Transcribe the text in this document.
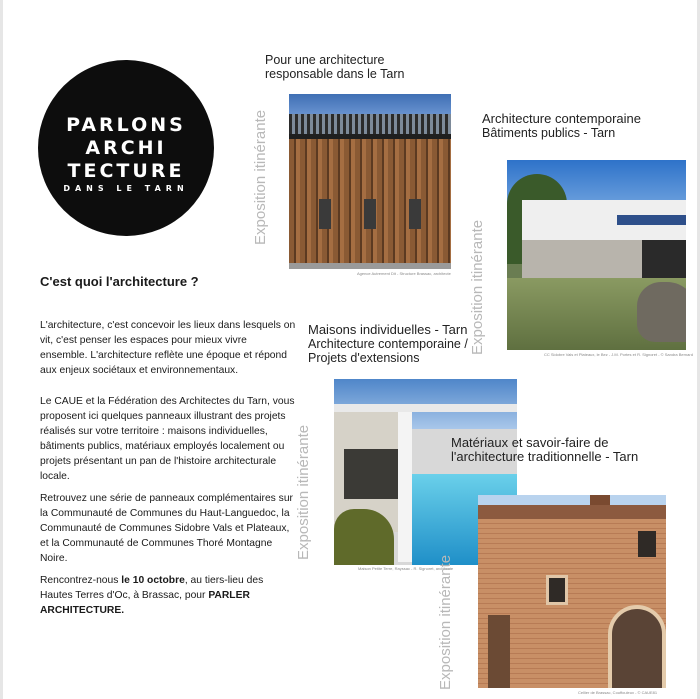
PARLONS
ARCHI
TECTURE
DANS LE TARN
C'est quoi l'architecture ?
L'architecture, c'est concevoir les lieux dans lesquels on vit, c'est penser les espaces pour mieux vivre ensemble. L'architecture reflète une époque et répond aux enjeux sociétaux et environnementaux.
Le CAUE et la Fédération des Architectes du Tarn, vous proposent ici quelques panneaux illustrant des projets réalisés sur votre territoire : maisons individuelles, bâtiments publics, matériaux employés localement ou projets présentant un pan de l'histoire architecturale locale.
Retrouvez une série de panneaux complémentaires sur la Communauté de Communes du Haut-Languedoc, la Communauté de Communes Sidobre Vals et Plateaux, et la Communauté de Communes Thoré Montagne Noire.
Rencontrez-nous le 10 octobre, au tiers-lieu des Hautes Terres d'Oc, à Brassac, pour PARLER ARCHITECTURE.
Pour une architecture
responsable dans le Tarn
Exposition itinérante
Agence Autrement Dit - Structure Brassac, architecte
Architecture contemporaine
Bâtiments publics - Tarn
Exposition itinérante	CC Sidobre Vals et Plateaux, le Bez - J.M. Portes et R. Signoret - © Sandra Bernard
Maisons individuelles - Tarn
Architecture contemporaine /
Projets d'extensions
Exposition itinérante
Maison Petite Terre, Rayssac - R. Signoret, architecte
Matériaux et savoir-faire de
l'architecture traditionnelle - Tarn
Exposition itinérante
Cellier de Brassac, Couffouleux - © CAUE81
